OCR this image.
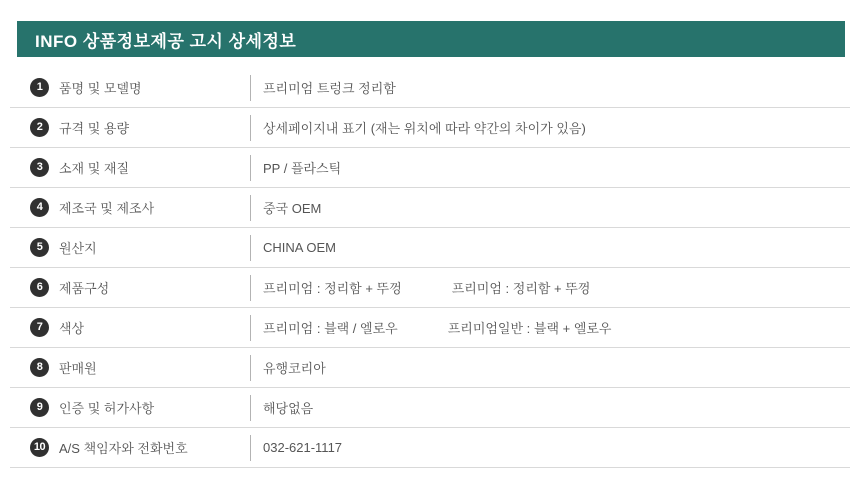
INFO 상품정보제공 고시 상세정보
1	품명 및 모델명	프리미엄 트렁크 정리함
2	규격 및 용량	상세페이지내 표기 (재는 위치에 따라 약간의 차이가 있음)
3	소재 및 재질	PP / 플라스틱
4	제조국 및 제조사	중국 OEM
5	원산지	CHINA OEM
6	제품구성	프리미엄 : 정리함 + 뚜껑	프리미엄 : 정리함 + 뚜껑
7	색상	프리미엄 : 블랙 / 엘로우	프리미엄일반 : 블랙 + 엘로우
8	판매원	유행코리아
9	인증 및 허가사항	해당없음
10 A/S 책임자와 전화번호	032-621-1117
